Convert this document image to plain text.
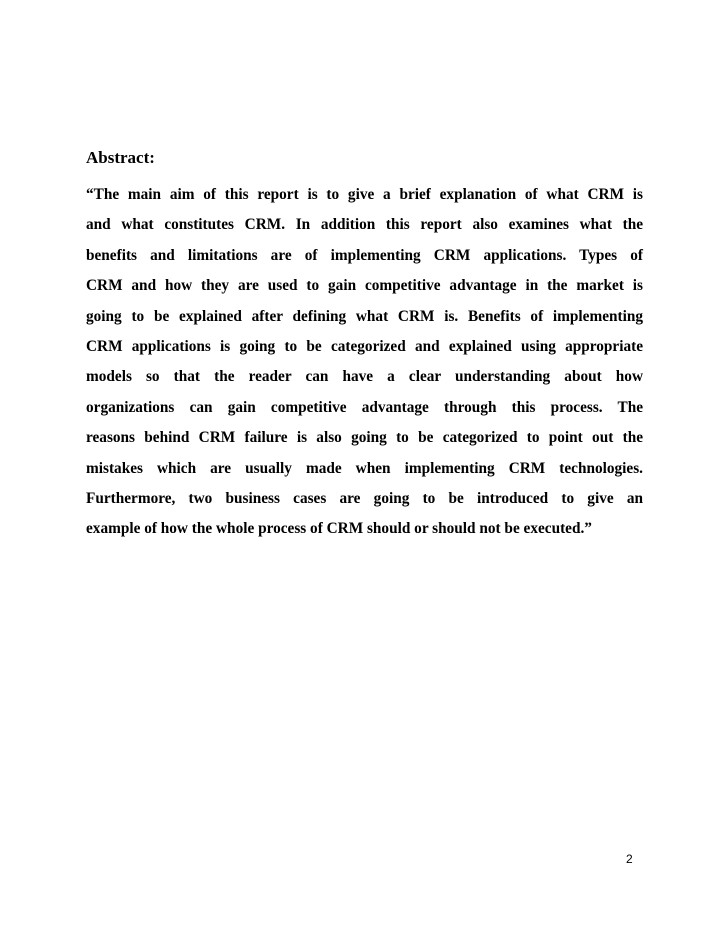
Abstract:
“The main aim of this report is to give a brief explanation of what CRM is
and what constitutes CRM. In addition this report also examines what the
benefits and limitations are of implementing CRM applications. Types of
CRM and how they are used to gain competitive advantage in the market is
going to be explained after defining what CRM is. Benefits of implementing
CRM applications is going to be categorized and explained using appropriate
models so that the reader can have a clear understanding about how
organizations can gain competitive advantage through this process. The
reasons behind CRM failure is also going to be categorized to point out the
mistakes which are usually made when implementing CRM technologies.
Furthermore, two business cases are going to be introduced to give an
example of how the whole process of CRM should or should not be executed.”

2
